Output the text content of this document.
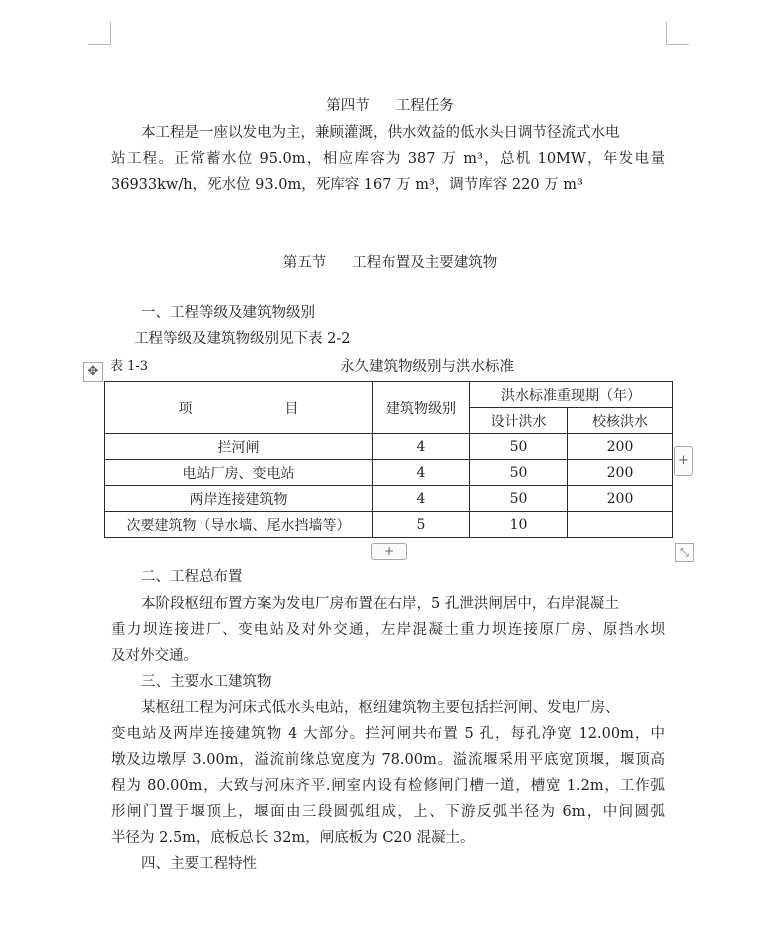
第四节 工程任务
本工程是一座以发电为主，兼顾灌溉，供水效益的低水头日调节径流式水电
站工程。正常蓄水位 95.0m，相应库容为 387 万 m³，总机 10MW，年发电量
36933kw/h，死水位 93.0m，死库容 167 万 m³，调节库容 220 万 m³
第五节 工程布置及主要建筑物
一、工程等级及建筑物级别
工程等级及建筑物级别见下表 2-2
✥ 表 1-3	永久建筑物级别与洪水标准
项 目	建筑物级别	洪水标准重现期（年）	
		设计洪水	校核洪水
拦河闸	4	50	200
电站厂房、变电站	4	50	200
两岸连接建筑物	4	50	200
次要建筑物（导水墙、尾水挡墙等）	5	10	
+
+	⤡
二、工程总布置
本阶段枢纽布置方案为发电厂房布置在右岸，5 孔泄洪闸居中，右岸混凝土
重力坝连接进厂、变电站及对外交通，左岸混凝土重力坝连接原厂房、原挡水坝
及对外交通。
三、主要水工建筑物
某枢纽工程为河床式低水头电站，枢纽建筑物主要包括拦河闸、发电厂房、
变电站及两岸连接建筑物 4 大部分。拦河闸共布置 5 孔，每孔净宽 12.00m，中
墩及边墩厚 3.00m，溢流前缘总宽度为 78.00m。溢流堰采用平底宽顶堰，堰顶高
程为 80.00m，大致与河床齐平.闸室内设有检修闸门槽一道，槽宽 1.2m，工作弧
形闸门置于堰顶上，堰面由三段圆弧组成，上、下游反弧半径为 6m，中间圆弧
半径为 2.5m，底板总长 32m，闸底板为 C20 混凝土。
四、主要工程特性
